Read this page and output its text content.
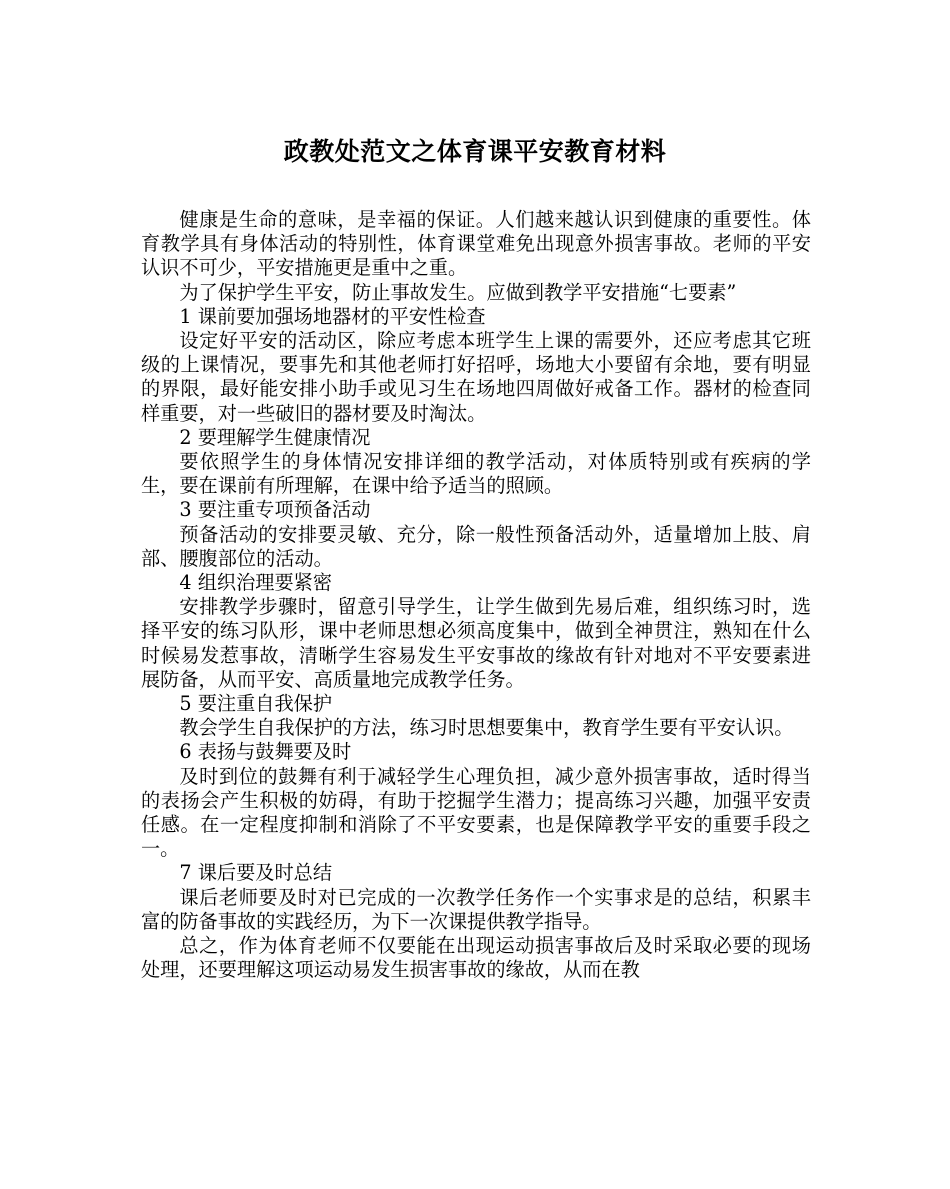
政教处范文之体育课平安教育材料

健康是生命的意味，是幸福的保证。人们越来越认识到健康的重要性。体育教学具有身体活动的特别性，体育课堂难免出现意外损害事故。老师的平安认识不可少，平安措施更是重中之重。

为了保护学生平安，防止事故发生。应做到教学平安措施“七要素”

1 课前要加强场地器材的平安性检查

设定好平安的活动区，除应考虑本班学生上课的需要外，还应考虑其它班级的上课情况，要事先和其他老师打好招呼，场地大小要留有余地，要有明显的界限，最好能安排小助手或见习生在场地四周做好戒备工作。器材的检查同样重要，对一些破旧的器材要及时淘汰。

2 要理解学生健康情况

要依照学生的身体情况安排详细的教学活动，对体质特别或有疾病的学生，要在课前有所理解，在课中给予适当的照顾。

3 要注重专项预备活动

预备活动的安排要灵敏、充分，除一般性预备活动外，适量增加上肢、肩部、腰腹部位的活动。

4 组织治理要紧密

安排教学步骤时，留意引导学生，让学生做到先易后难，组织练习时，选择平安的练习队形，课中老师思想必须高度集中，做到全神贯注，熟知在什么时候易发惹事故，清晰学生容易发生平安事故的缘故有针对地对不平安要素进展防备，从而平安、高质量地完成教学任务。

5 要注重自我保护

教会学生自我保护的方法，练习时思想要集中，教育学生要有平安认识。

6 表扬与鼓舞要及时

及时到位的鼓舞有利于减轻学生心理负担，减少意外损害事故，适时得当的表扬会产生积极的妨碍，有助于挖掘学生潜力；提高练习兴趣，加强平安责任感。在一定程度抑制和消除了不平安要素，也是保障教学平安的重要手段之一。

7 课后要及时总结

课后老师要及时对已完成的一次教学任务作一个实事求是的总结，积累丰富的防备事故的实践经历，为下一次课提供教学指导。

总之，作为体育老师不仅要能在出现运动损害事故后及时采取必要的现场处理，还要理解这项运动易发生损害事故的缘故，从而在教
